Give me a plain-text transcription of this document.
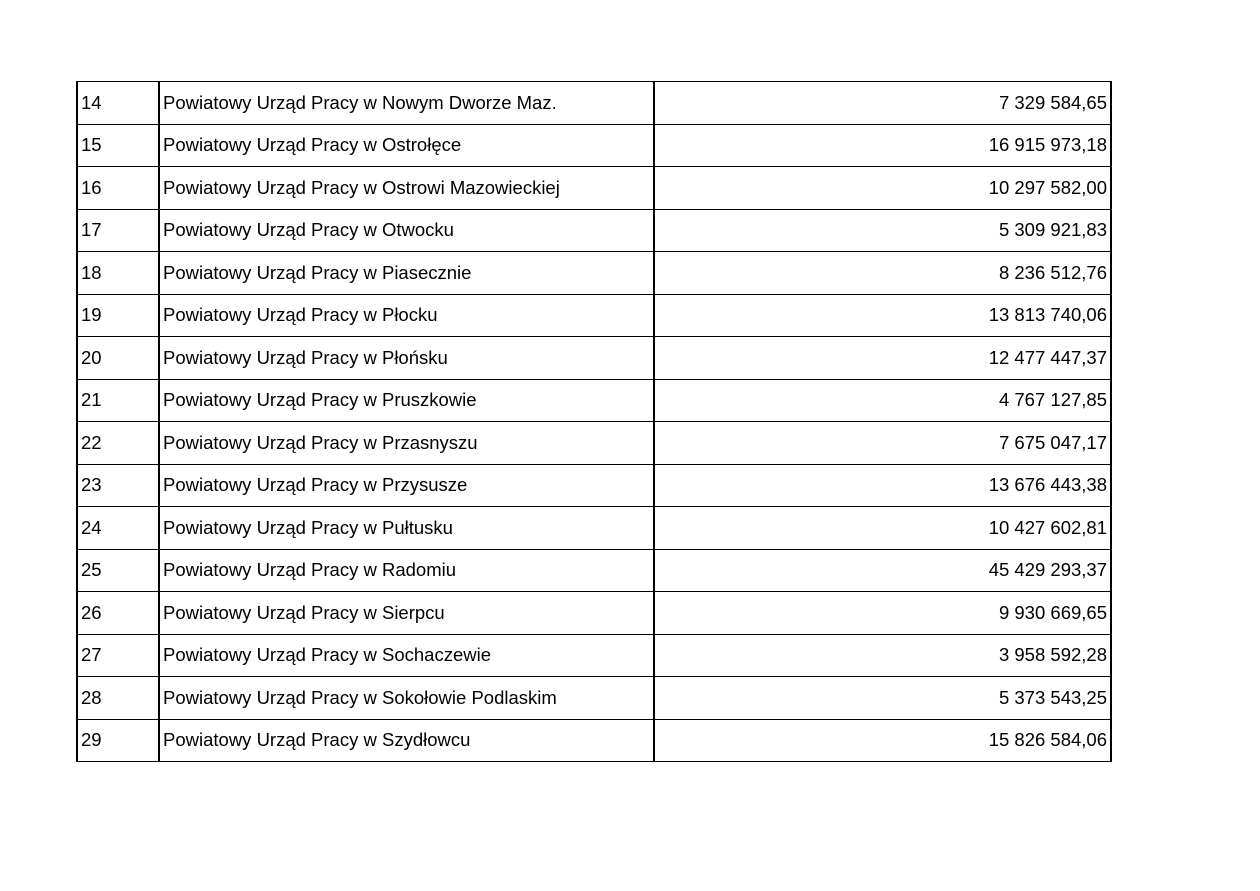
14	Powiatowy Urząd Pracy w Nowym Dworze Maz.	7 329 584,65
15	Powiatowy Urząd Pracy w Ostrołęce	16 915 973,18
16	Powiatowy Urząd Pracy w Ostrowi Mazowieckiej	10 297 582,00
17	Powiatowy Urząd Pracy w Otwocku	5 309 921,83
18	Powiatowy Urząd Pracy w Piasecznie	8 236 512,76
19	Powiatowy Urząd Pracy w Płocku	13 813 740,06
20	Powiatowy Urząd Pracy w Płońsku	12 477 447,37
21	Powiatowy Urząd Pracy w Pruszkowie	4 767 127,85
22	Powiatowy Urząd Pracy w Przasnyszu	7 675 047,17
23	Powiatowy Urząd Pracy w Przysusze	13 676 443,38
24	Powiatowy Urząd Pracy w Pułtusku	10 427 602,81
25	Powiatowy Urząd Pracy w Radomiu	45 429 293,37
26	Powiatowy Urząd Pracy w Sierpcu	9 930 669,65
27	Powiatowy Urząd Pracy w Sochaczewie	3 958 592,28
28	Powiatowy Urząd Pracy w Sokołowie Podlaskim	5 373 543,25
29	Powiatowy Urząd Pracy w Szydłowcu	15 826 584,06
